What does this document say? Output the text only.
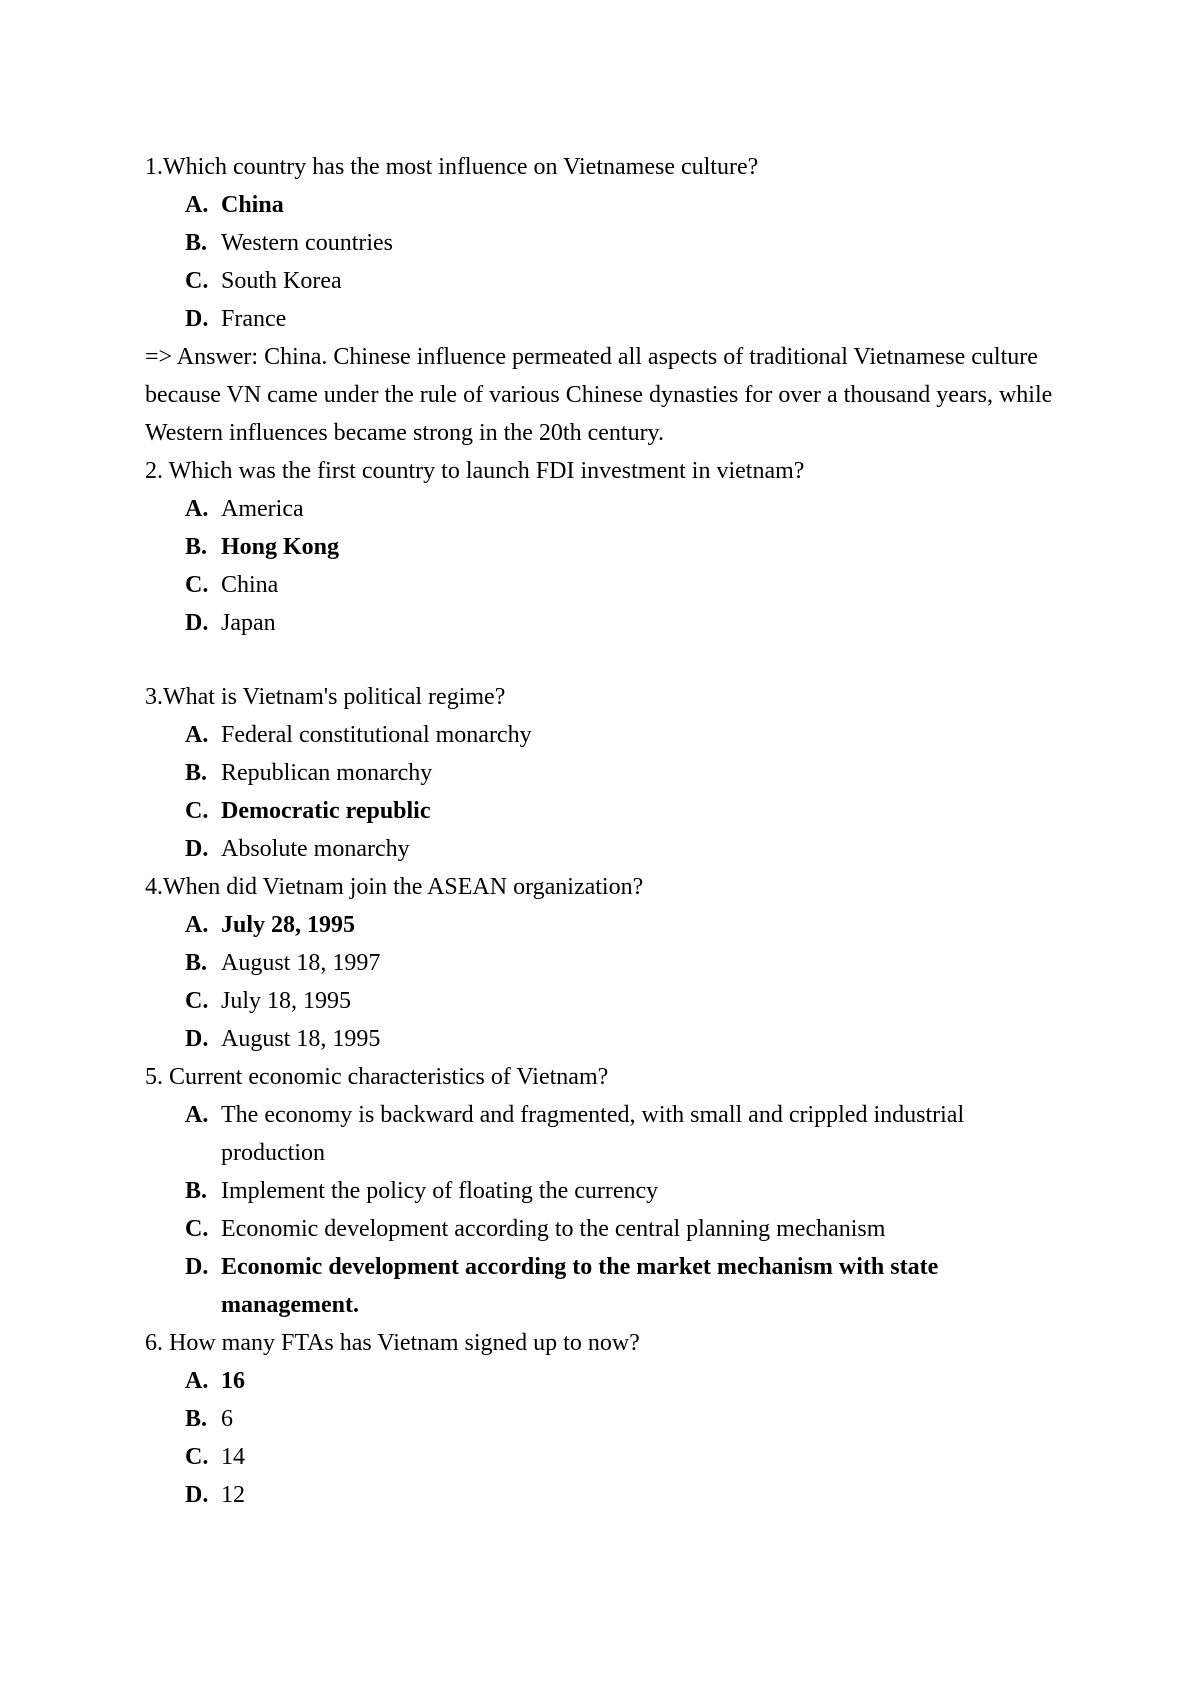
1.Which country has the most influence on Vietnamese culture?
A. China
B. Western countries
C. South Korea
D. France
=> Answer: China. Chinese influence permeated all aspects of traditional Vietnamese culture because VN came under the rule of various Chinese dynasties for over a thousand years, while Western influences became strong in the 20th century.
2. Which was the first country to launch FDI investment in vietnam?
A. America
B. Hong Kong
C. China
D. Japan
3.What is Vietnam's political regime?
A. Federal constitutional monarchy
B. Republican monarchy
C. Democratic republic
D. Absolute monarchy
4.When did Vietnam join the ASEAN organization?
A. July 28, 1995
B. August 18, 1997
C. July 18, 1995
D. August 18, 1995
5. Current economic characteristics of Vietnam?
A. The economy is backward and fragmented, with small and crippled industrial production
B. Implement the policy of floating the currency
C. Economic development according to the central planning mechanism
D. Economic development according to the market mechanism with state management.
6. How many FTAs has Vietnam signed up to now?
A. 16
B. 6
C. 14
D. 12
